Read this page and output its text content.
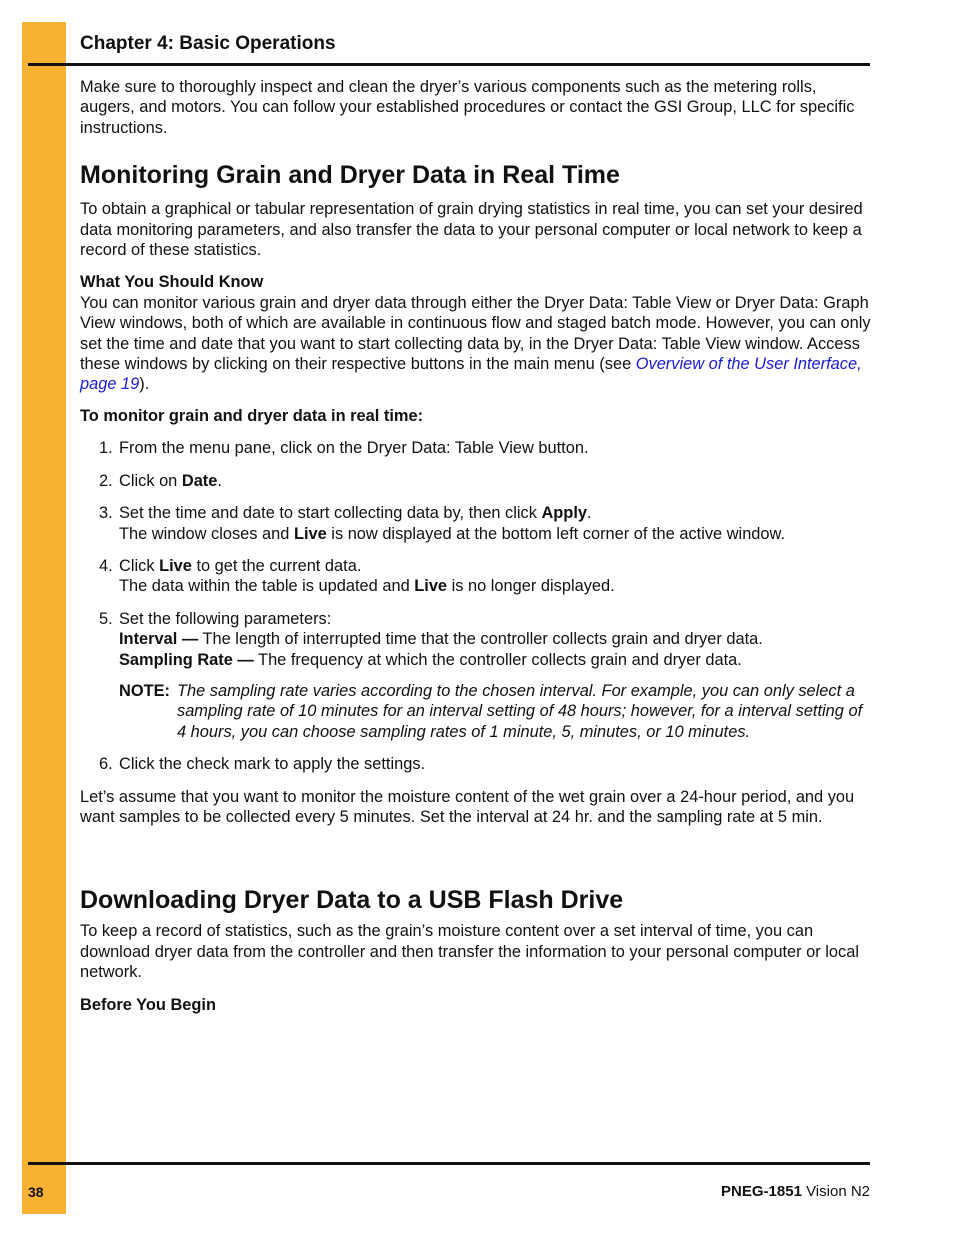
Chapter 4: Basic Operations

Make sure to thoroughly inspect and clean the dryer’s various components such as the metering rolls, augers, and motors. You can follow your established procedures or contact the GSI Group, LLC for specific instructions.

Monitoring Grain and Dryer Data in Real Time

To obtain a graphical or tabular representation of grain drying statistics in real time, you can set your desired data monitoring parameters, and also transfer the data to your personal computer or local network to keep a record of these statistics.

What You Should Know

You can monitor various grain and dryer data through either the Dryer Data: Table View or Dryer Data: Graph View windows, both of which are available in continuous flow and staged batch mode. However, you can only set the time and date that you want to start collecting data by, in the Dryer Data: Table View window. Access these windows by clicking on their respective buttons in the main menu (see Overview of the User Interface, page 19).

To monitor grain and dryer data in real time:

1. From the menu pane, click on the Dryer Data: Table View button.
2. Click on Date.
3. Set the time and date to start collecting data by, then click Apply.

The window closes and Live is now displayed at the bottom left corner of the active window.

4. Click Live to get the current data.

The data within the table is updated and Live is no longer displayed.

5. Set the following parameters:

Interval — The length of interrupted time that the controller collects grain and dryer data.

Sampling Rate — The frequency at which the controller collects grain and dryer data.

NOTE: The sampling rate varies according to the chosen interval. For example, you can only select a sampling rate of 10 minutes for an interval setting of 48 hours; however, for a interval setting of 4 hours, you can choose sampling rates of 1 minute, 5, minutes, or 10 minutes.
6. Click the check mark to apply the settings.

Let’s assume that you want to monitor the moisture content of the wet grain over a 24-hour period, and you want samples to be collected every 5 minutes. Set the interval at 24 hr. and the sampling rate at 5 min.

Downloading Dryer Data to a USB Flash Drive

To keep a record of statistics, such as the grain’s moisture content over a set interval of time, you can download dryer data from the controller and then transfer the information to your personal computer or local network.

Before You Begin

38	PNEG-1851 Vision N2
